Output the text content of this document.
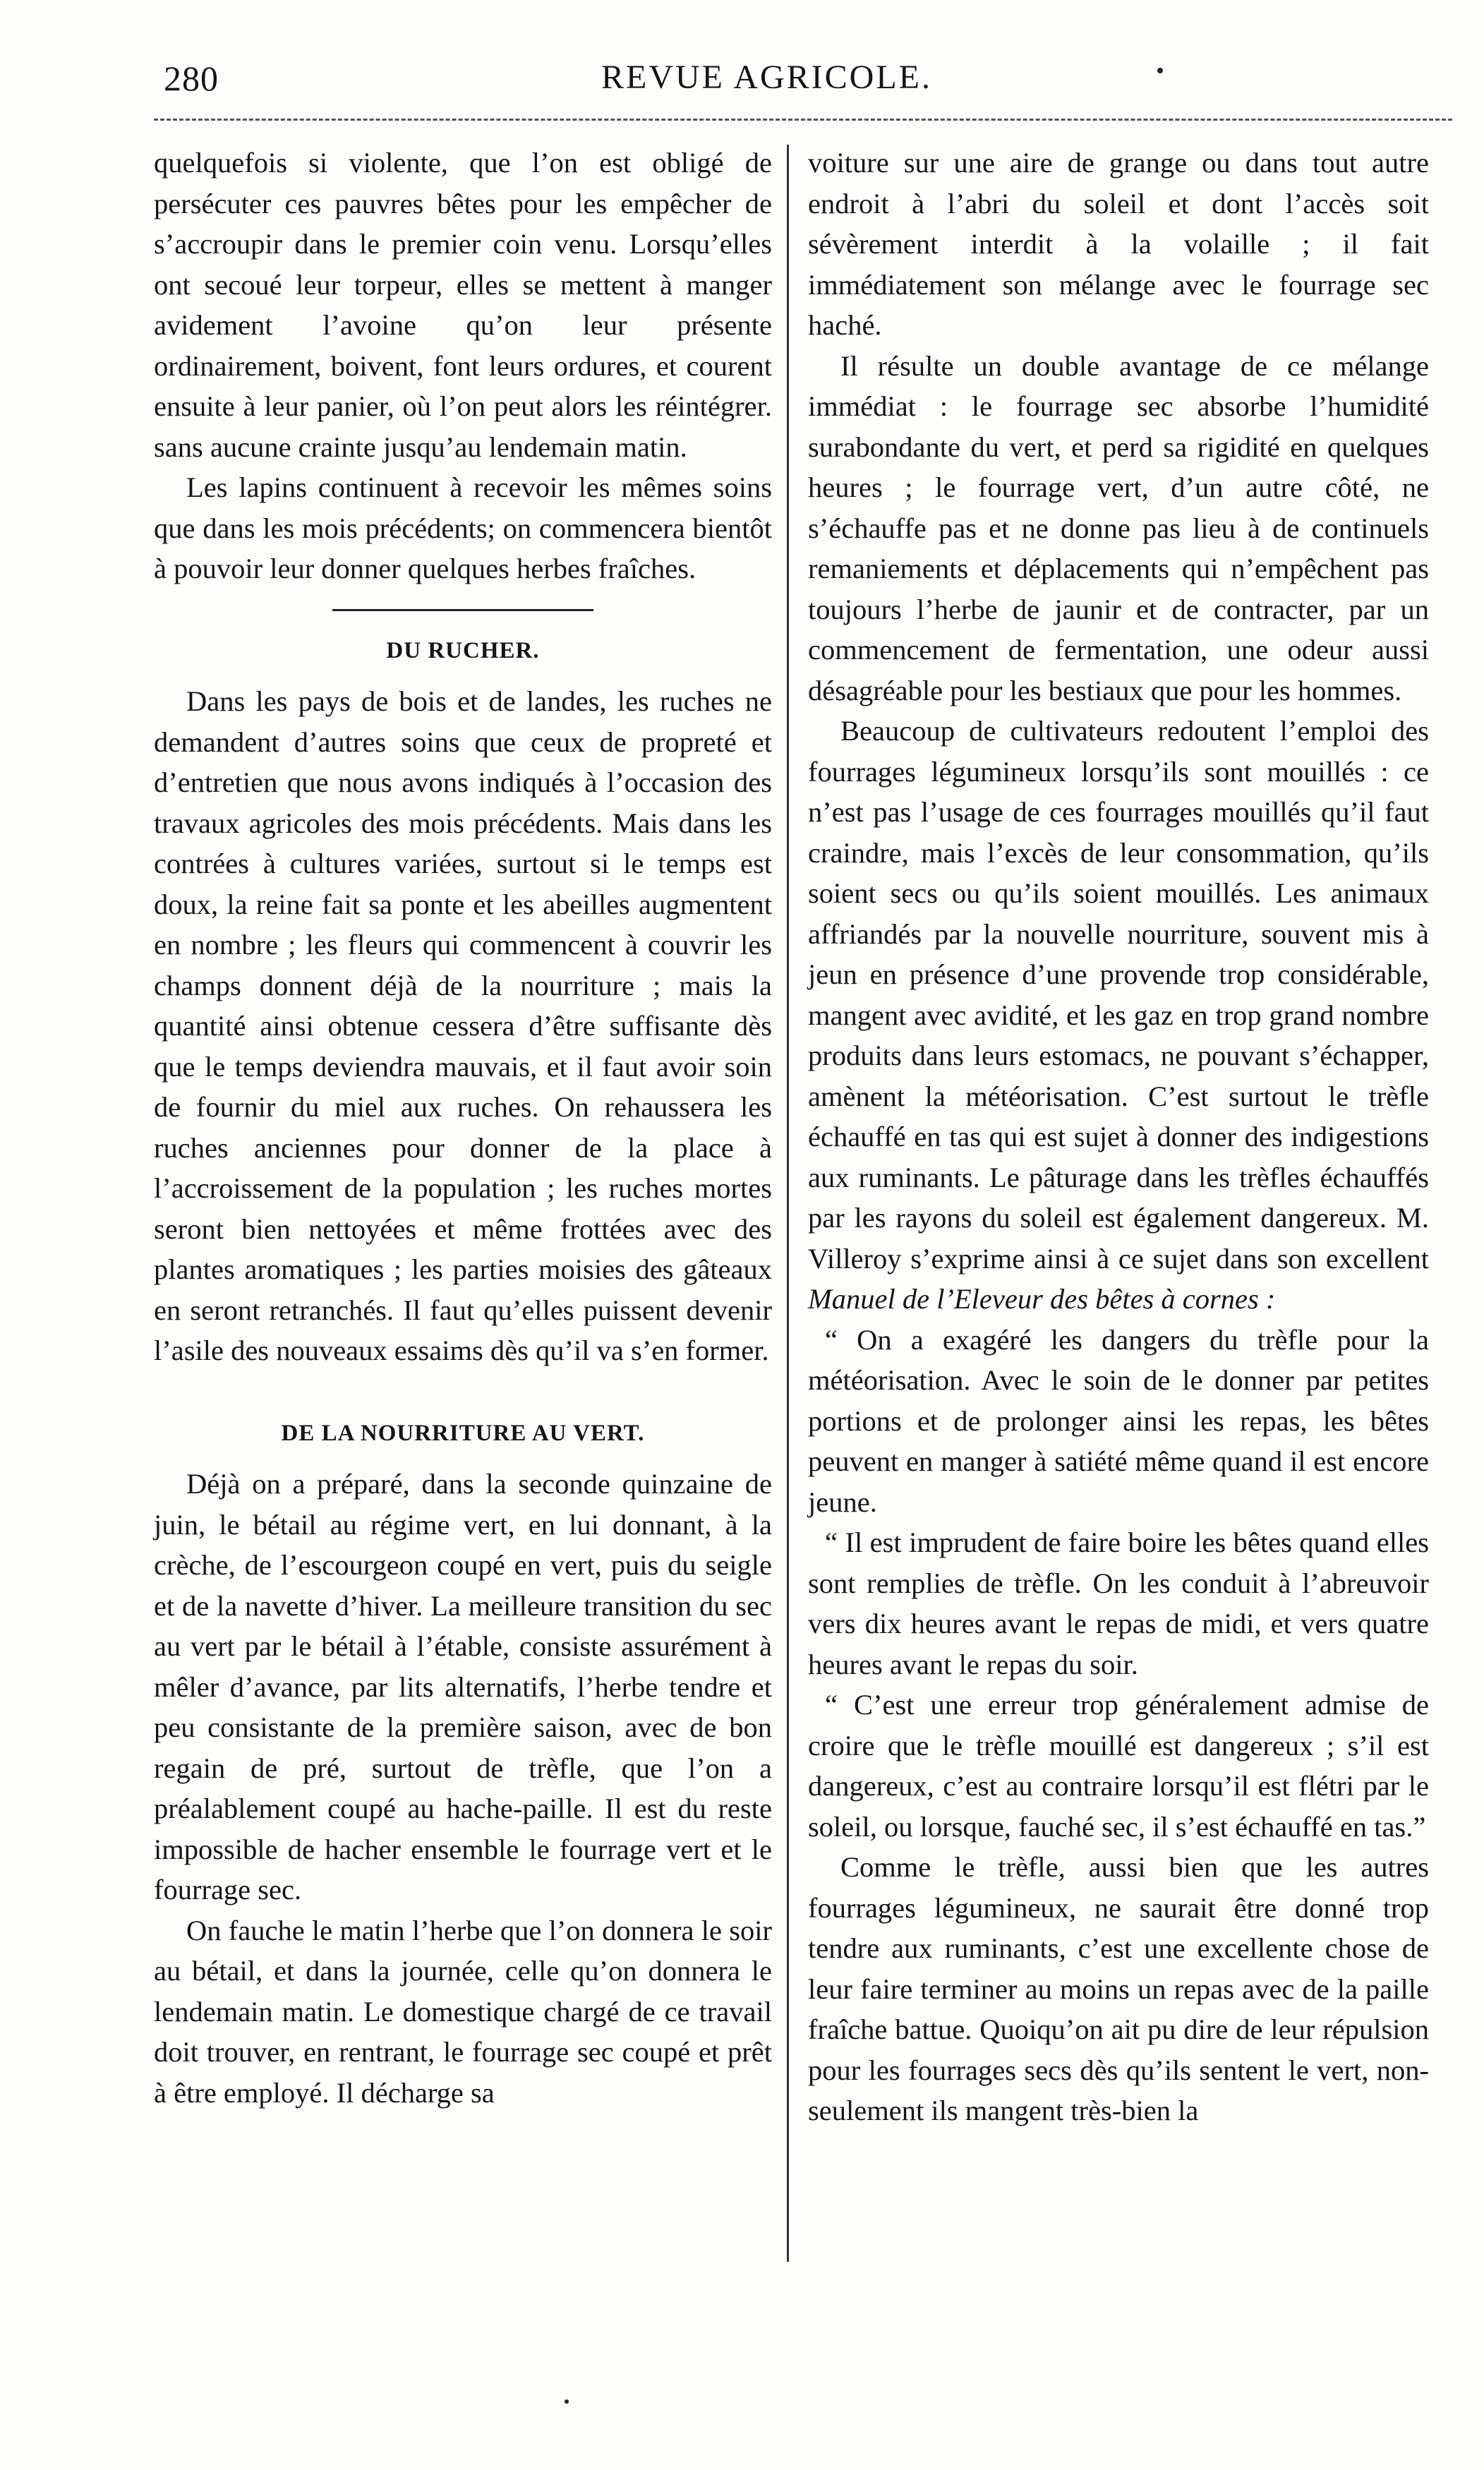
280	REVUE AGRICOLE.

quelquefois si violente, que l’on est obligé de persécuter ces pauvres bêtes pour les empêcher de s’accroupir dans le premier coin venu. Lorsqu’elles ont secoué leur torpeur, elles se mettent à manger avidement l’avoine qu’on leur présente ordinairement, boivent, font leurs ordures, et courent ensuite à leur panier, où l’on peut alors les réintégrer. sans aucune crainte jusqu’au lendemain matin.

Les lapins continuent à recevoir les mêmes soins que dans les mois précédents; on commencera bientôt à pouvoir leur donner quelques herbes fraîches.

DU RUCHER.

Dans les pays de bois et de landes, les ruches ne demandent d’autres soins que ceux de propreté et d’entretien que nous avons indiqués à l’occasion des travaux agricoles des mois précédents. Mais dans les contrées à cultures variées, surtout si le temps est doux, la reine fait sa ponte et les abeilles augmentent en nombre ; les fleurs qui commencent à couvrir les champs donnent déjà de la nourriture ; mais la quantité ainsi obtenue cessera d’être suffisante dès que le temps deviendra mauvais, et il faut avoir soin de fournir du miel aux ruches. On rehaussera les ruches anciennes pour donner de la place à l’accroissement de la population ; les ruches mortes seront bien nettoyées et même frottées avec des plantes aromatiques ; les parties moisies des gâteaux en seront retranchés. Il faut qu’elles puissent devenir l’asile des nouveaux essaims dès qu’il va s’en former.

DE LA NOURRITURE AU VERT.

Déjà on a préparé, dans la seconde quinzaine de juin, le bétail au régime vert, en lui donnant, à la crèche, de l’escourgeon coupé en vert, puis du seigle et de la navette d’hiver. La meilleure transition du sec au vert par le bétail à l’étable, consiste assurément à mêler d’avance, par lits alternatifs, l’herbe tendre et peu consistante de la première saison, avec de bon regain de pré, surtout de trèfle, que l’on a préalablement coupé au hache-paille. Il est du reste impossible de hacher ensemble le fourrage vert et le fourrage sec.

On fauche le matin l’herbe que l’on donnera le soir au bétail, et dans la journée, celle qu’on donnera le lendemain matin. Le domestique chargé de ce travail doit trouver, en rentrant, le fourrage sec coupé et prêt à être employé. Il décharge sa

voiture sur une aire de grange ou dans tout autre endroit à l’abri du soleil et dont l’accès soit sévèrement interdit à la volaille ; il fait immédiatement son mélange avec le fourrage sec haché.

Il résulte un double avantage de ce mélange immédiat : le fourrage sec absorbe l’humidité surabondante du vert, et perd sa rigidité en quelques heures ; le fourrage vert, d’un autre côté, ne s’échauffe pas et ne donne pas lieu à de continuels remaniements et déplacements qui n’empêchent pas toujours l’herbe de jaunir et de contracter, par un commencement de fermentation, une odeur aussi désagréable pour les bestiaux que pour les hommes.

Beaucoup de cultivateurs redoutent l’emploi des fourrages légumineux lorsqu’ils sont mouillés : ce n’est pas l’usage de ces fourrages mouillés qu’il faut craindre, mais l’excès de leur consommation, qu’ils soient secs ou qu’ils soient mouillés. Les animaux affriandés par la nouvelle nourriture, souvent mis à jeun en présence d’une provende trop considérable, mangent avec avidité, et les gaz en trop grand nombre produits dans leurs estomacs, ne pouvant s’échapper, amènent la météorisation. C’est surtout le trèfle échauffé en tas qui est sujet à donner des indigestions aux ruminants. Le pâturage dans les trèfles échauffés par les rayons du soleil est également dangereux. M. Villeroy s’exprime ainsi à ce sujet dans son excellent Manuel de l’Eleveur des bêtes à cornes :

“ On a exagéré les dangers du trèfle pour la météorisation. Avec le soin de le donner par petites portions et de prolonger ainsi les repas, les bêtes peuvent en manger à satiété même quand il est encore jeune.

“ Il est imprudent de faire boire les bêtes quand elles sont remplies de trèfle. On les conduit à l’abreuvoir vers dix heures avant le repas de midi, et vers quatre heures avant le repas du soir.

“ C’est une erreur trop généralement admise de croire que le trèfle mouillé est dangereux ; s’il est dangereux, c’est au contraire lorsqu’il est flétri par le soleil, ou lorsque, fauché sec, il s’est échauffé en tas.”

Comme le trèfle, aussi bien que les autres fourrages légumineux, ne saurait être donné trop tendre aux ruminants, c’est une excellente chose de leur faire terminer au moins un repas avec de la paille fraîche battue. Quoiqu’on ait pu dire de leur répulsion pour les fourrages secs dès qu’ils sentent le vert, non-seulement ils mangent très-bien la
